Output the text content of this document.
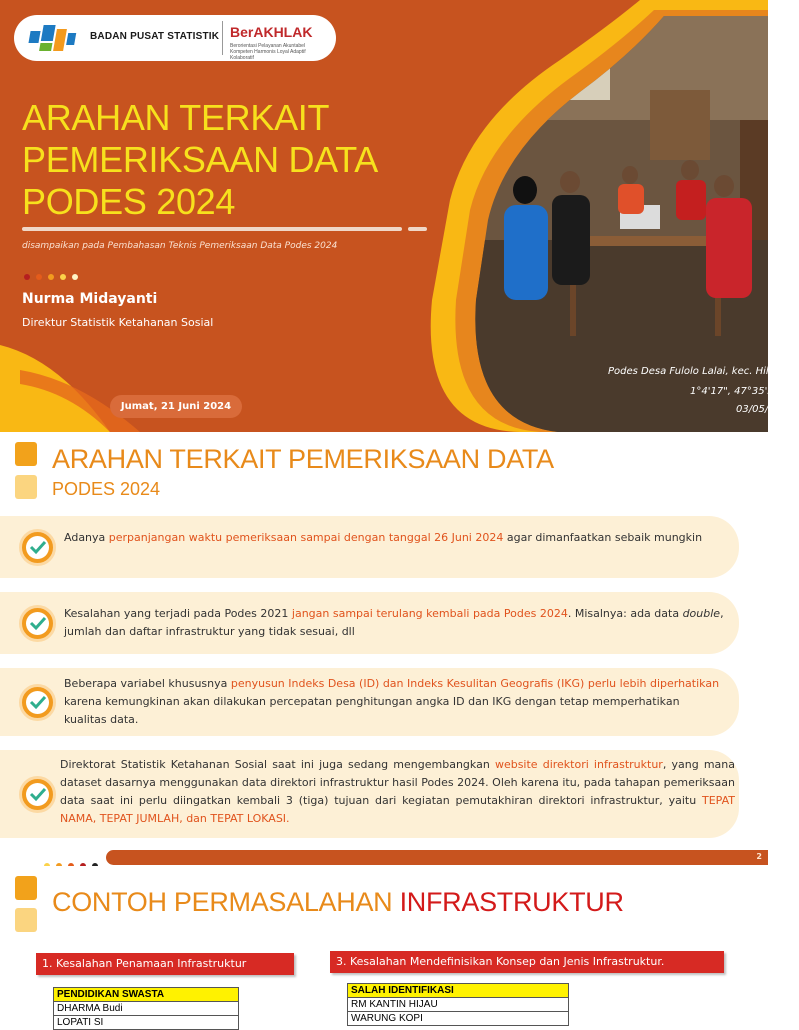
BADAN PUSAT STATISTIK BerAKHLAK
Berorientasi Pelayanan Akuntabel Kompeten Harmonis Loyal Adaptif Kolaboratif
ARAHAN TERKAIT
PEMERIKSAAN DATA
PODES 2024
disampaikan pada Pembahasan Teknis Pemeriksaan Data Podes 2024
Nurma Midayanti
Direktur Statistik Ketahanan Sosial
Jumat, 21 Juni 2024
Podes Desa Fulolo Lalai, kec. Hiliseran
1°4'17", 47°35'36"
03/05/2
ARAHAN TERKAIT PEMERIKSAAN DATA
PODES 2024
Adanya perpanjangan waktu pemeriksaan sampai dengan tanggal 26 Juni 2024 agar dimanfaatkan sebaik mungkin
Kesalahan yang terjadi pada Podes 2021 jangan sampai terulang kembali pada Podes 2024. Misalnya: ada data double, jumlah dan daftar infrastruktur yang tidak sesuai, dll
Beberapa variabel khususnya penyusun Indeks Desa (ID) dan Indeks Kesulitan Geografis (IKG) perlu lebih diperhatikan karena kemungkinan akan dilakukan percepatan penghitungan angka ID dan IKG dengan tetap memperhatikan kualitas data.
Direktorat Statistik Ketahanan Sosial saat ini juga sedang mengembangkan website direktori infrastruktur, yang mana dataset dasarnya menggunakan data direktori infrastruktur hasil Podes 2024. Oleh karena itu, pada tahapan pemeriksaan data saat ini perlu diingatkan kembali 3 (tiga) tujuan dari kegiatan pemutakhiran direktori infrastruktur, yaitu TEPAT NAMA, TEPAT JUMLAH, dan TEPAT LOKASI.
2
CONTOH PERMASALAHAN INFRASTRUKTUR
1. Kesalahan Penamaan Infrastruktur	3. Kesalahan Mendefinisikan Konsep dan Jenis Infrastruktur.
PENDIDIKAN SWASTA
DHARMA Budi
LOPATI SI
SALAH IDENTIFIKASI
RM KANTIN HIJAU
WARUNG KOPI
